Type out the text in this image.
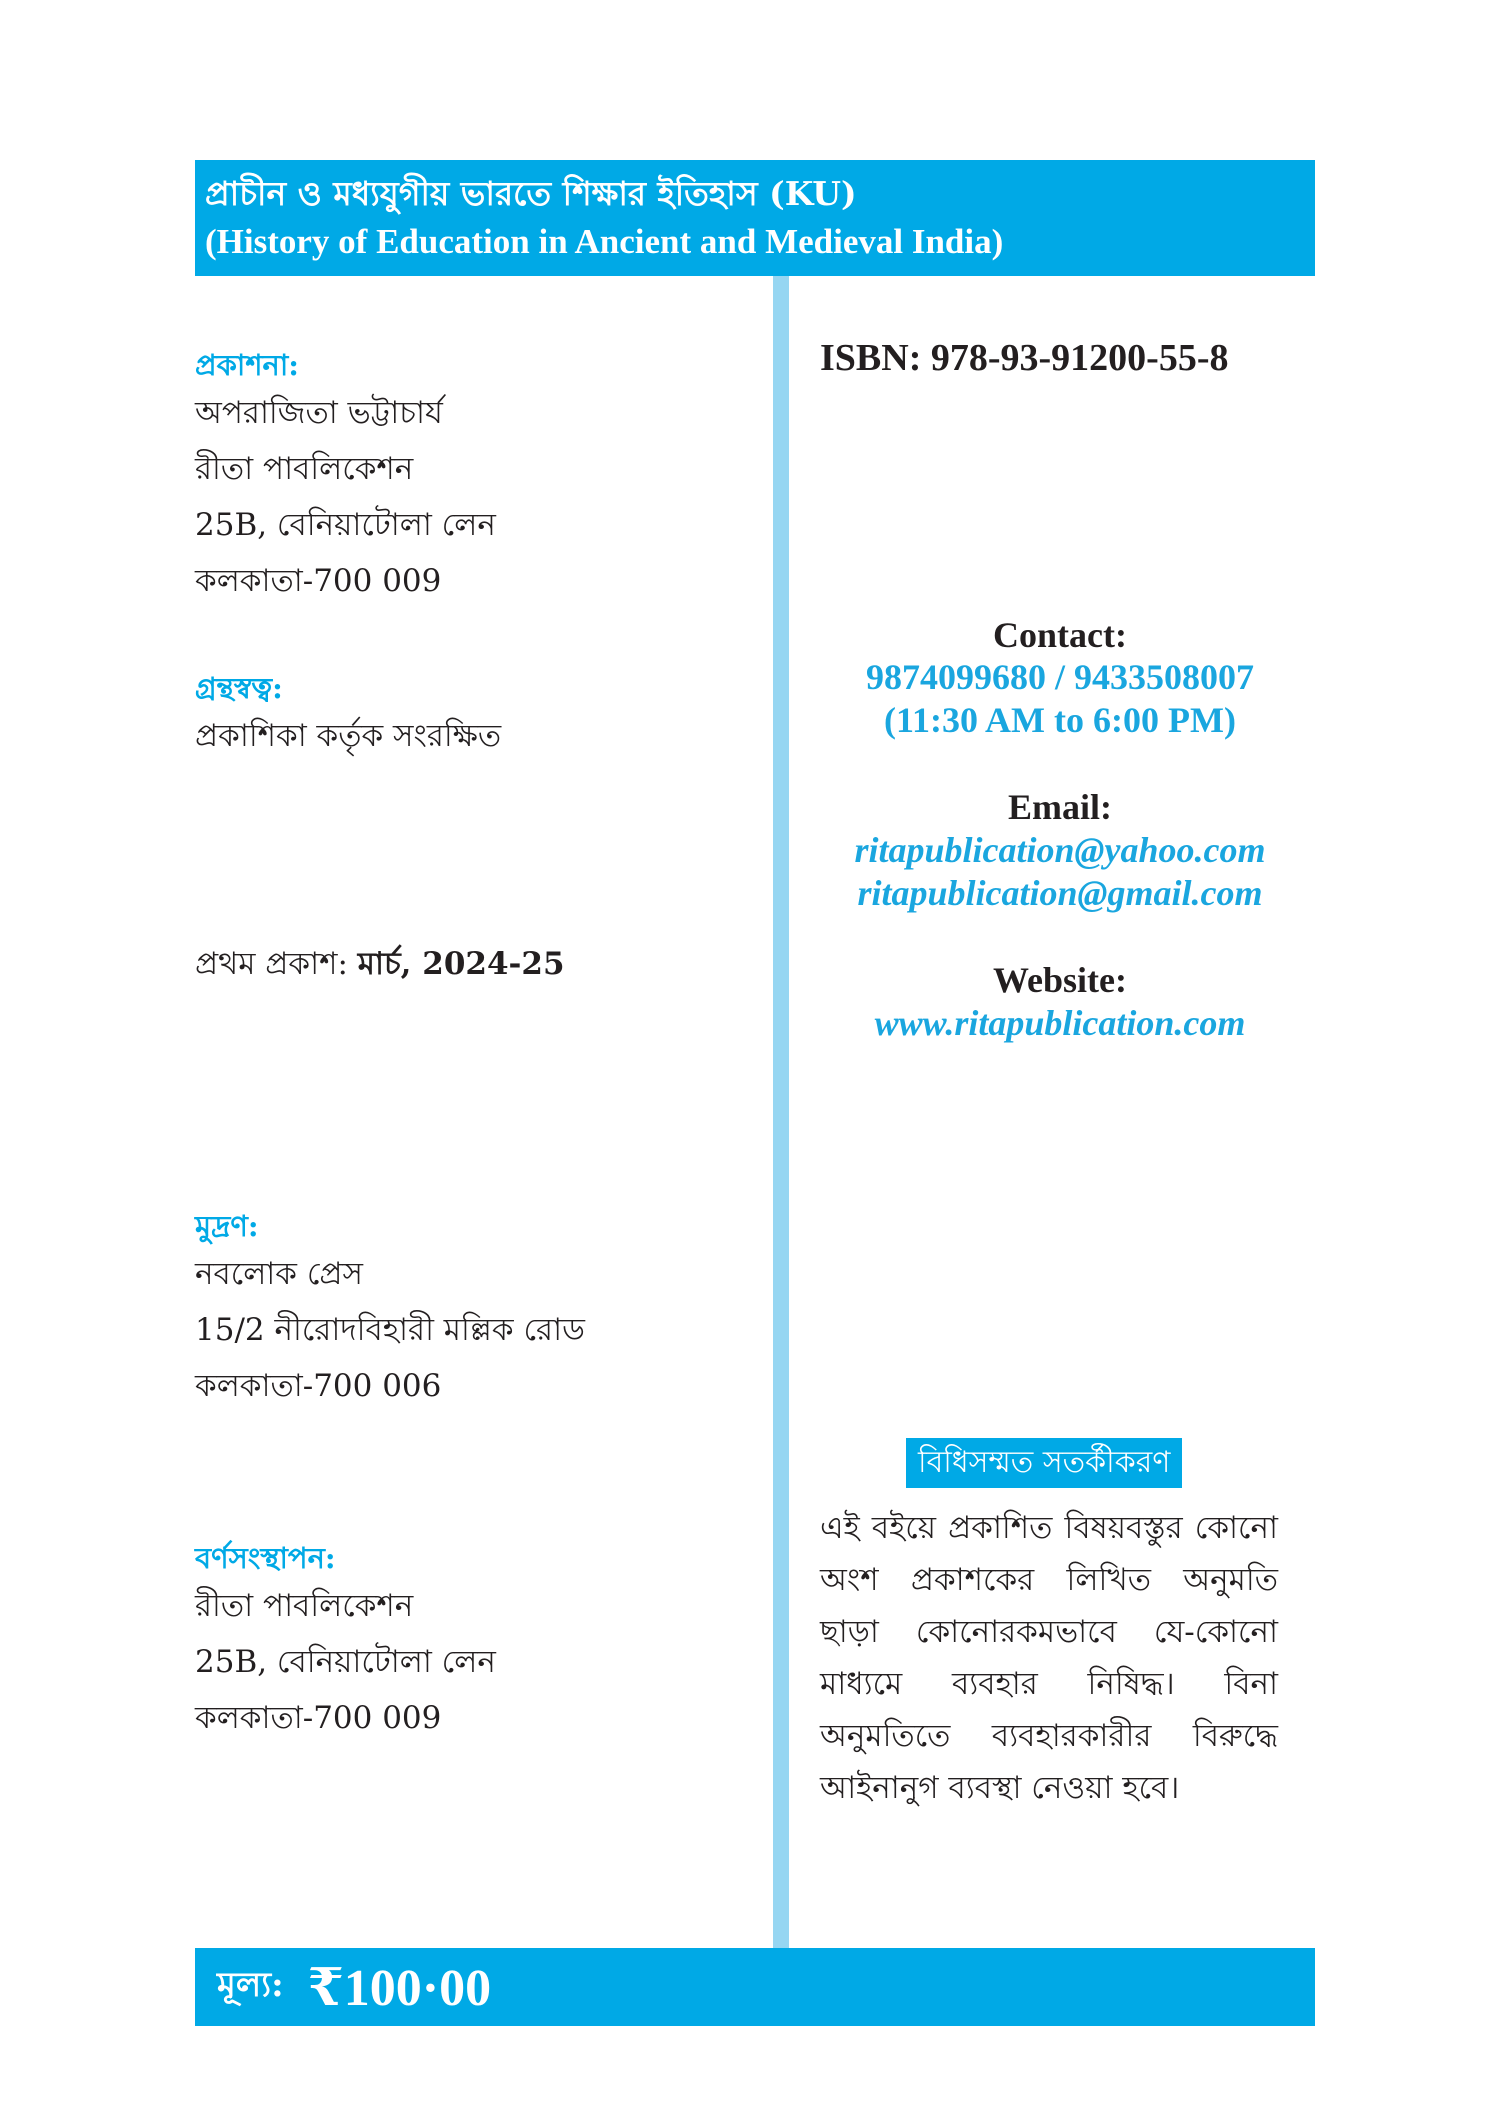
প্রাচীন ও মধ্যযুগীয় ভারতে শিক্ষার ইতিহাস (KU)
(History of Education in Ancient and Medieval India)
প্রকাশনা:
অপরাজিতা ভট্টাচার্য
রীতা পাবলিকেশন
25B, বেনিয়াটোলা লেন
কলকাতা-700 009
গ্রন্থস্বত্ব:
প্রকাশিকা কর্তৃক সংরক্ষিত
প্রথম প্রকাশ: মার্চ, 2024-25
মুদ্রণ:
নবলোক প্রেস
15/2 নীরোদবিহারী মল্লিক রোড
কলকাতা-700 006
বর্ণসংস্থাপন:
রীতা পাবলিকেশন
25B, বেনিয়াটোলা লেন
কলকাতা-700 009
ISBN: 978-93-91200-55-8
Contact:
9874099680 / 9433508007
(11:30 AM to 6:00 PM)
Email:
ritapublication@yahoo.com
ritapublication@gmail.com
Website:
www.ritapublication.com
বিধিসম্মত সতর্কীকরণ
এই বইয়ে প্রকাশিত বিষয়বস্তুর কোনো অংশ প্রকাশকের লিখিত অনুমতি ছাড়া কোনোরকমভাবে যে-কোনো মাধ্যমে ব্যবহার নিষিদ্ধ। বিনা অনুমতিতে ব্যবহারকারীর বিরুদ্ধে আইনানুগ ব্যবস্থা নেওয়া হবে।
মূল্য: ₹100·00
